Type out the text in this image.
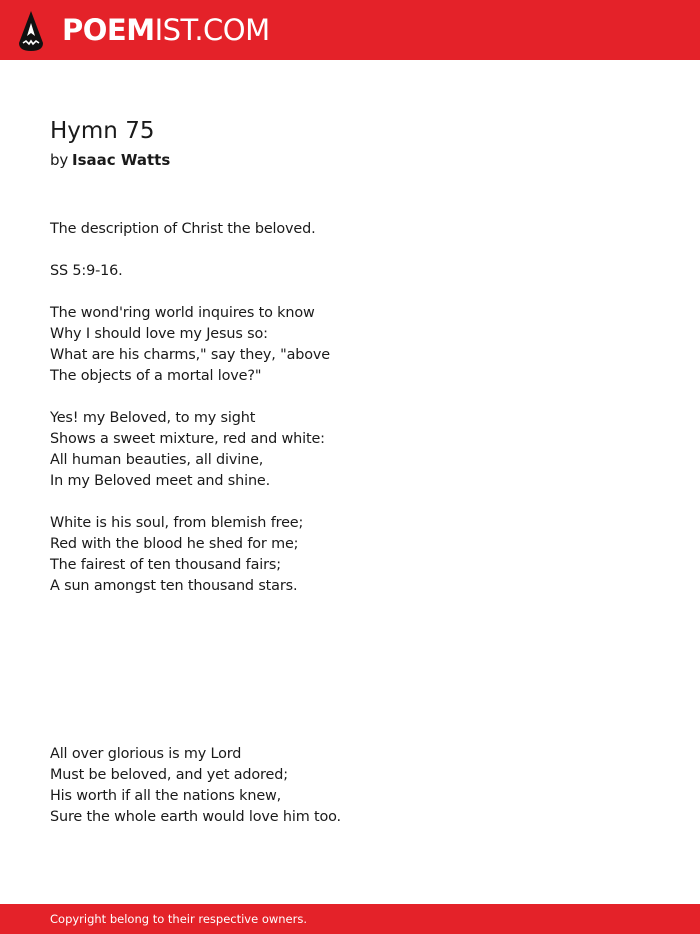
POEMIST.COM
Hymn 75
by Isaac Watts
The description of Christ the beloved.
SS 5:9-16.
The wond'ring world inquires to know
Why I should love my Jesus so:
What are his charms," say they, "above
The objects of a mortal love?"
Yes! my Beloved, to my sight
Shows a sweet mixture, red and white:
All human beauties, all divine,
In my Beloved meet and shine.
White is his soul, from blemish free;
Red with the blood he shed for me;
The fairest of ten thousand fairs;
A sun amongst ten thousand stars.
All over glorious is my Lord
Must be beloved, and yet adored;
His worth if all the nations knew,
Sure the whole earth would love him too.
Copyright belong to their respective owners.
